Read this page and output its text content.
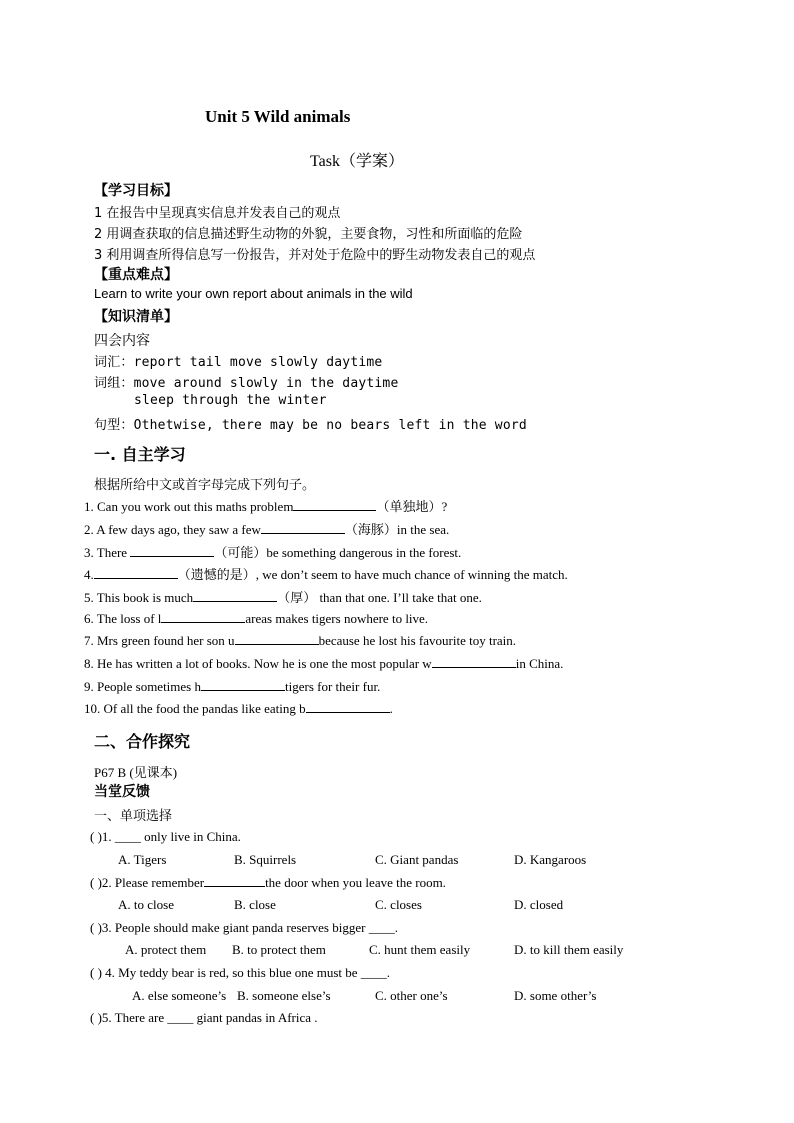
Unit 5 Wild animals
Task（学案）
【学习目标】
1 在报告中呈现真实信息并发表自己的观点
2 用调查获取的信息描述野生动物的外貌，主要食物，习性和所面临的危险
3 利用调查所得信息写一份报告，并对处于危险中的野生动物发表自己的观点
【重点难点】
Learn to write your own report about animals in the wild
【知识清单】
四会内容
词汇：report tail move slowly daytime
词组：move around slowly in the daytime
sleep through the winter
句型：Othetwise, there may be no bears left in the word
一. 自主学习
根据所给中文或首字母完成下列句子。
1. Can you work out this maths problem	（单独地）?
2. A few days ago, they saw a few	（海豚）in the sea.
3. There	（可能）be something dangerous in the forest.
4.	（遗憾的是）, we don’t seem to have much chance of winning the match.
5. This book is much	（厚） than that one. I’ll take that one.
6. The loss of l	areas makes tigers nowhere to live.
7. Mrs green found her son u	because he lost his favourite toy train.
8. He has written a lot of books. Now he is one the most popular w	in China.
9. People sometimes h	tigers for their fur.
10. Of all the food the pandas like eating b	.
二、合作探究
P67 B (见课本)
当堂反馈
一、单项选择
( )1. ____ only live in China.
A. Tigers	B. Squirrels	C. Giant pandas	D. Kangaroos
( )2. Please remember	the door when you leave the room.
A. to close	B. close	C. closes	D. closed
( )3. People should make giant panda reserves bigger ____.
A. protect them B. to protect them	C. hunt them easily	D. to kill them easily
( ) 4. My teddy bear is red, so this blue one must be ____.
A. else someone’s B. someone else’s	C. other one’s	D. some other’s
( )5. There are ____ giant pandas in Africa .
